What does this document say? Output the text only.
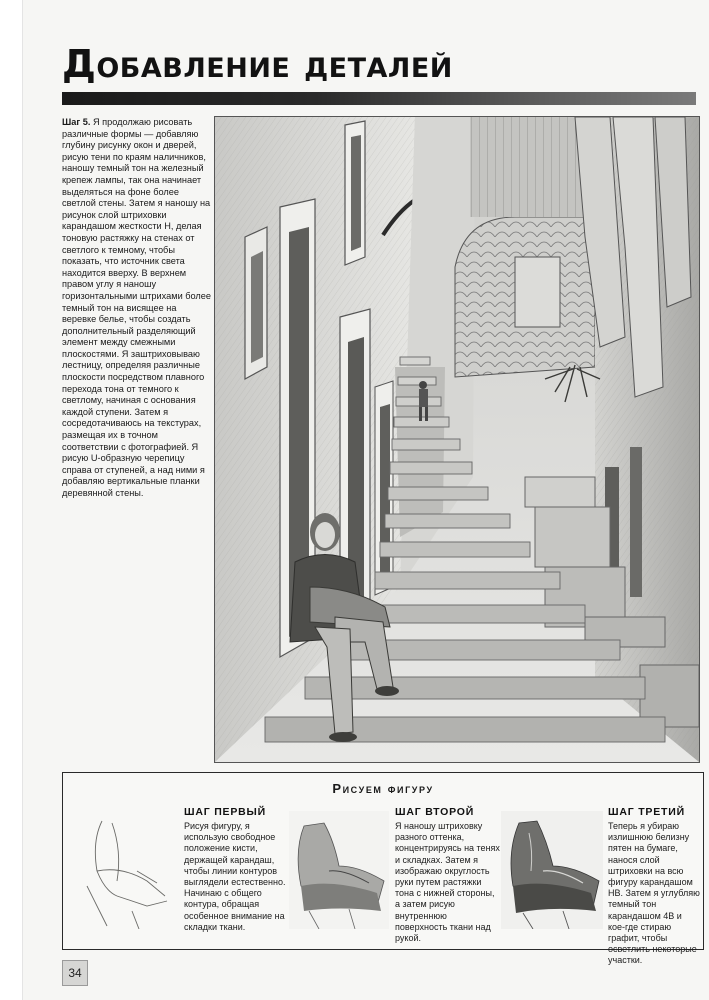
Добавление деталей
Шаг 5. Я продолжаю рисовать различные формы — добавляю глубину рисунку окон и дверей, рисую тени по краям наличников, наношу темный тон на железный крепеж лампы, так она начинает выделяться на фоне более светлой стены. Затем я наношу на рисунок слой штриховки карандашом жесткости H, делая тоновую растяжку на стенах от светлого к темному, чтобы показать, что источник света находится вверху. В верхнем правом углу я наношу горизонтальными штрихами более темный тон на висящее на веревке белье, чтобы создать дополнительный разделяющий элемент между смежными плоскостями. Я заштриховываю лестницу, определяя различные плоскости посредством плавного перехода тона от темного к светлому, начиная с основания каждой ступени. Затем я сосредотачиваюсь на текстурах, размещая их в точном соответствии с фотографией. Я рисую U-образную черепицу справа от ступеней, а над ними я добавляю вертикальные планки деревянной стены.
Рисуем фигуру
ШАГ ПЕРВЫЙ
Рисуя фигуру, я использую свободное положение кисти, держащей карандаш, чтобы линии контуров выглядели естественно. Начинаю с общего контура, обращая особенное внимание на складки ткани.
ШАГ ВТОРОЙ
Я наношу штриховку разного оттенка, концентрируясь на тенях и складках. Затем я изображаю округлость руки путем растяжки тона с нижней стороны, а затем рисую внутреннюю поверхность ткани над рукой.
ШАГ ТРЕТИЙ
Теперь я убираю излишнюю белизну пятен на бумаге, нанося слой штриховки на всю фигуру карандашом HB. Затем я углубляю темный тон карандашом 4B и кое-где стираю графит, чтобы осветлить некоторые участки.
34
